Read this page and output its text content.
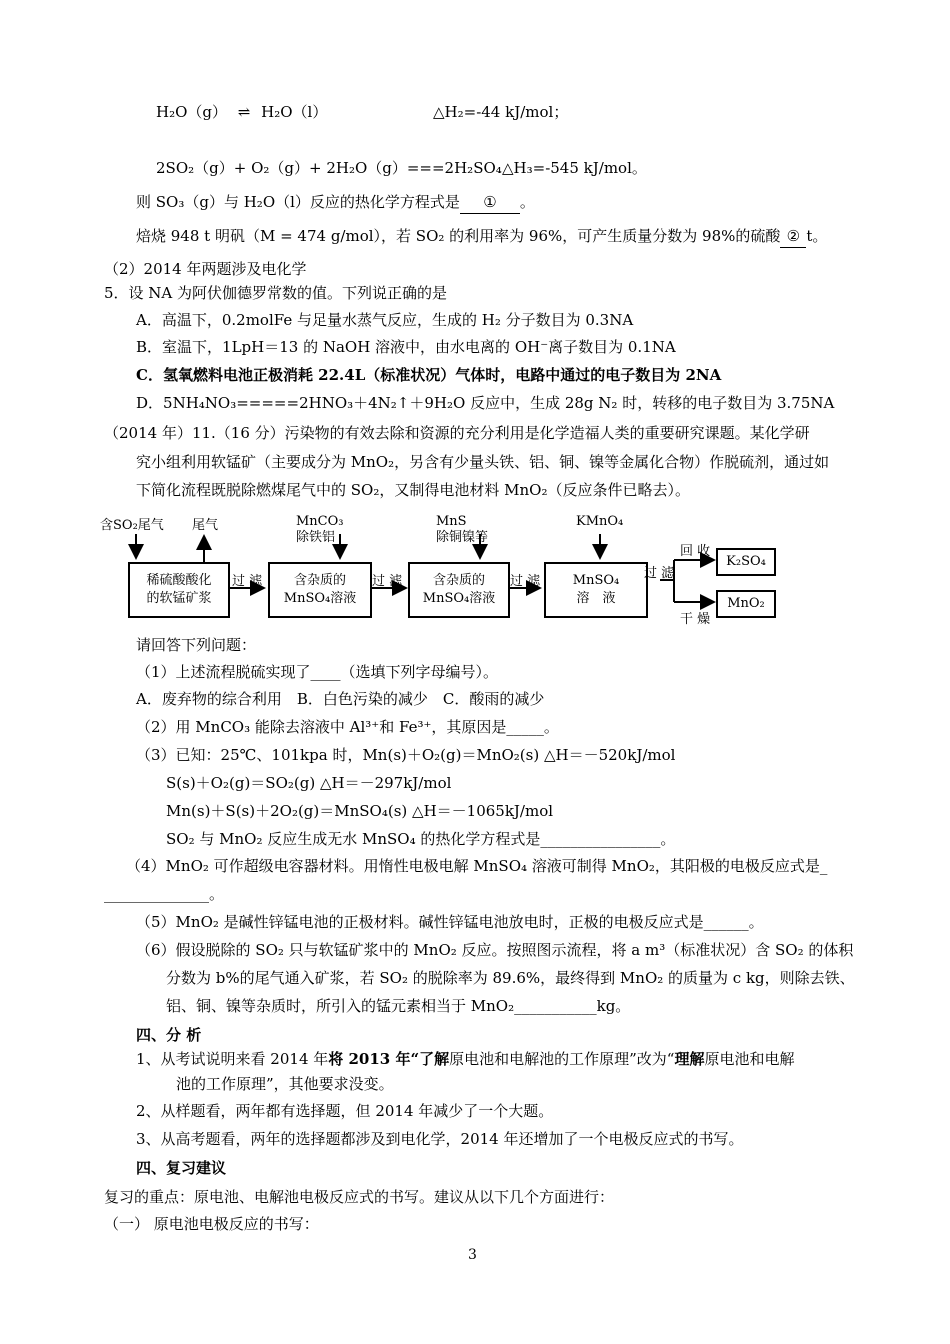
H₂O（g） ⇌ H₂O（l）	△H₂=-44 kJ/mol；
2SO₂（g）+ O₂（g）+ 2H₂O（g）===2H₂SO₄ △H₃=-545 kJ/mol。
则 SO₃（g）与 H₂O（l）反应的热化学方程式是 ① 。
焙烧 948 t 明矾（M = 474 g/mol），若 SO₂ 的利用率为 96%，可产生质量分数为 98%的硫酸 ② t。
（2）2014 年两题涉及电化学
5．设 NA 为阿伏伽德罗常数的值。下列说正确的是
A．高温下，0.2molFe 与足量水蒸气反应，生成的 H₂ 分子数目为 0.3NA
B．室温下，1LpH＝13 的 NaOH 溶液中，由水电离的 OH⁻离子数目为 0.1NA
C．氢氧燃料电池正极消耗 22.4L（标准状况）气体时，电路中通过的电子数目为 2NA
D．5NH₄NO₃=====2HNO₃＋4N₂↑＋9H₂O 反应中，生成 28g N₂ 时，转移的电子数目为 3.75NA
（2014 年）11.（16 分）污染物的有效去除和资源的充分利用是化学造福人类的重要研究课题。某化学研
究小组利用软锰矿（主要成分为 MnO₂，另含有少量头铁、铝、铜、镍等金属化合物）作脱硫剂，通过如
下简化流程既脱除燃煤尾气中的 SO₂，又制得电池材料 MnO₂（反应条件已略去）。
含SO₂尾气 尾气
稀硫酸酸化
的软锰矿浆
过 滤
MnCO₃
除铁铝
含杂质的
MnSO₄溶液
过 滤
MnS
除铜镍等
含杂质的
MnSO₄溶液
过 滤
KMnO₄
MnSO₄
溶　液
过 滤
回 收
干 燥
K₂SO₄
MnO₂
请回答下列问题：
（1）上述流程脱硫实现了____（选填下列字母编号）。
A．废弃物的综合利用　B．白色污染的减少　C．酸雨的减少
（2）用 MnCO₃ 能除去溶液中 Al³⁺和 Fe³⁺，其原因是_____。
（3）已知：25℃、101kpa 时，Mn(s)＋O₂(g)＝MnO₂(s) △H＝－520kJ/mol
S(s)＋O₂(g)＝SO₂(g) △H＝－297kJ/mol
Mn(s)＋S(s)＋2O₂(g)＝MnSO₄(s) △H＝－1065kJ/mol
SO₂ 与 MnO₂ 反应生成无水 MnSO₄ 的热化学方程式是________________。
（4）MnO₂ 可作超级电容器材料。用惰性电极电解 MnSO₄ 溶液可制得 MnO₂，其阳极的电极反应式是_
______________。
（5）MnO₂ 是碱性锌锰电池的正极材料。碱性锌锰电池放电时，正极的电极反应式是______。
（6）假设脱除的 SO₂ 只与软锰矿浆中的 MnO₂ 反应。按照图示流程，将 a m³（标准状况）含 SO₂ 的体积
分数为 b%的尾气通入矿浆，若 SO₂ 的脱除率为 89.6%，最终得到 MnO₂ 的质量为 c kg，则除去铁、
铝、铜、镍等杂质时，所引入的锰元素相当于 MnO₂___________kg。
四、分 析
1、从考试说明来看 2014 年将 2013 年“了解原电池和电解池的工作原理”改为“理解原电池和电解
池的工作原理”，其他要求没变。
2、从样题看，两年都有选择题，但 2014 年减少了一个大题。
3、从高考题看，两年的选择题都涉及到电化学，2014 年还增加了一个电极反应式的书写。
四、复习建议
复习的重点：原电池、电解池电极反应式的书写。建议从以下几个方面进行：
（一） 原电池电极反应的书写：
3
